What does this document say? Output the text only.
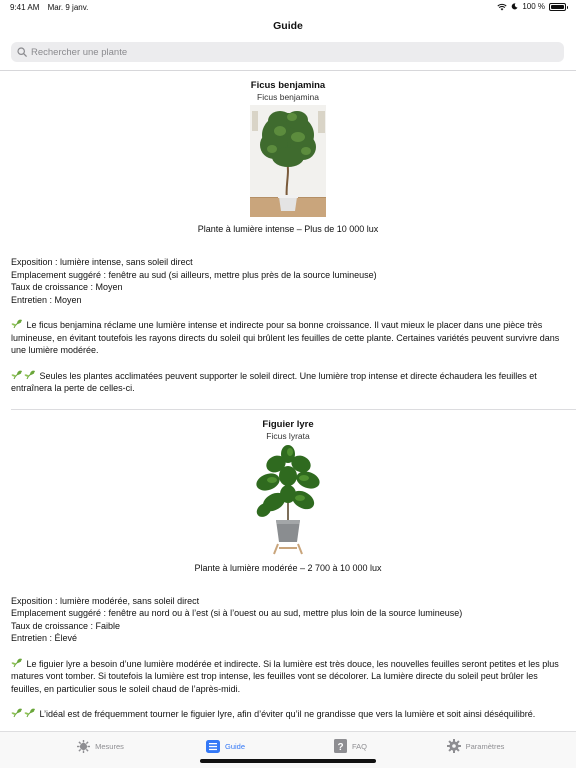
9:41 AM Mar. 9 janv.	100 %
Guide
Rechercher une plante
Ficus benjamina
Ficus benjamina
Plante à lumière intense – Plus de 10 000 lux
Exposition : lumière intense, sans soleil direct
Emplacement suggéré : fenêtre au sud (si ailleurs, mettre plus près de la source lumineuse)
Taux de croissance : Moyen
Entretien : Moyen
Le ficus benjamina réclame une lumière intense et indirecte pour sa bonne croissance. Il vaut mieux le placer dans une pièce très lumineuse, en évitant toutefois les rayons directs du soleil qui brûlent les feuilles de cette plante. Certaines variétés peuvent survivre dans une lumière modérée.
Seules les plantes acclimatées peuvent supporter le soleil direct. Une lumière trop intense et directe échaudera les feuilles et entraînera la perte de celles-ci.
Figuier lyre
Ficus lyrata
Plante à lumière modérée – 2 700 à 10 000 lux
Exposition : lumière modérée, sans soleil direct
Emplacement suggéré : fenêtre au nord ou à l’est (si à l’ouest ou au sud, mettre plus loin de la source lumineuse)
Taux de croissance : Faible
Entretien : Élevé
Le figuier lyre a besoin d’une lumière modérée et indirecte. Si la lumière est très douce, les nouvelles feuilles seront petites et les plus matures vont tomber. Si toutefois la lumière est trop intense, les feuilles vont se décolorer. La lumière directe du soleil peut brûler les feuilles, en particulier sous le soleil chaud de l’après-midi.
L’idéal est de fréquemment tourner le figuier lyre, afin d’éviter qu’il ne grandisse que vers la lumière et soit ainsi déséquilibré.
Mesures	Guide	? FAQ	Paramètres
